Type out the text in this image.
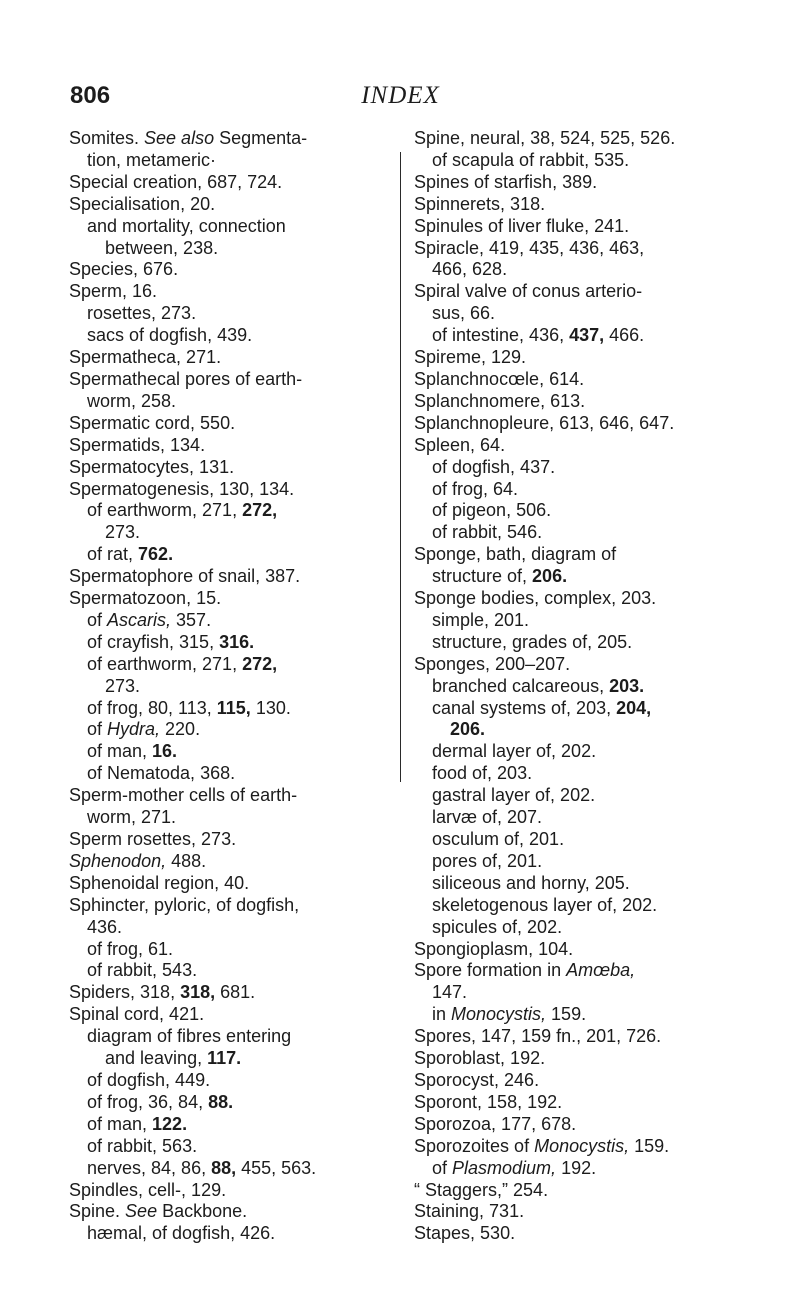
806	INDEX
Somites. See also Segmenta-
tion, metameric·
Special creation, 687, 724.
Specialisation, 20.
and mortality, connection
between, 238.
Species, 676.
Sperm, 16.
rosettes, 273.
sacs of dogfish, 439.
Spermatheca, 271.
Spermathecal pores of earth-
worm, 258.
Spermatic cord, 550.
Spermatids, 134.
Spermatocytes, 131.
Spermatogenesis, 130, 134.
of earthworm, 271, 272,
273.
of rat, 762.
Spermatophore of snail, 387.
Spermatozoon, 15.
of Ascaris, 357.
of crayfish, 315, 316.
of earthworm, 271, 272,
273.
of frog, 80, 113, 115, 130.
of Hydra, 220.
of man, 16.
of Nematoda, 368.
Sperm-mother cells of earth-
worm, 271.
Sperm rosettes, 273.
Sphenodon, 488.
Sphenoidal region, 40.
Sphincter, pyloric, of dogfish,
436.
of frog, 61.
of rabbit, 543.
Spiders, 318, 318, 681.
Spinal cord, 421.
diagram of fibres entering
and leaving, 117.
of dogfish, 449.
of frog, 36, 84, 88.
of man, 122.
of rabbit, 563.
nerves, 84, 86, 88, 455, 563.
Spindles, cell-, 129.
Spine. See Backbone.
hæmal, of dogfish, 426.
Spine, neural, 38, 524, 525, 526.
of scapula of rabbit, 535.
Spines of starfish, 389.
Spinnerets, 318.
Spinules of liver fluke, 241.
Spiracle, 419, 435, 436, 463,
466, 628.
Spiral valve of conus arterio-
sus, 66.
of intestine, 436, 437, 466.
Spireme, 129.
Splanchnocœle, 614.
Splanchnomere, 613.
Splanchnopleure, 613, 646, 647.
Spleen, 64.
of dogfish, 437.
of frog, 64.
of pigeon, 506.
of rabbit, 546.
Sponge, bath, diagram of
structure of, 206.
Sponge bodies, complex, 203.
simple, 201.
structure, grades of, 205.
Sponges, 200–207.
branched calcareous, 203.
canal systems of, 203, 204,
206.
dermal layer of, 202.
food of, 203.
gastral layer of, 202.
larvæ of, 207.
osculum of, 201.
pores of, 201.
siliceous and horny, 205.
skeletogenous layer of, 202.
spicules of, 202.
Spongioplasm, 104.
Spore formation in Amœba,
147.
in Monocystis, 159.
Spores, 147, 159 fn., 201, 726.
Sporoblast, 192.
Sporocyst, 246.
Sporont, 158, 192.
Sporozoa, 177, 678.
Sporozoites of Monocystis, 159.
of Plasmodium, 192.
“ Staggers,” 254.
Staining, 731.
Stapes, 530.
